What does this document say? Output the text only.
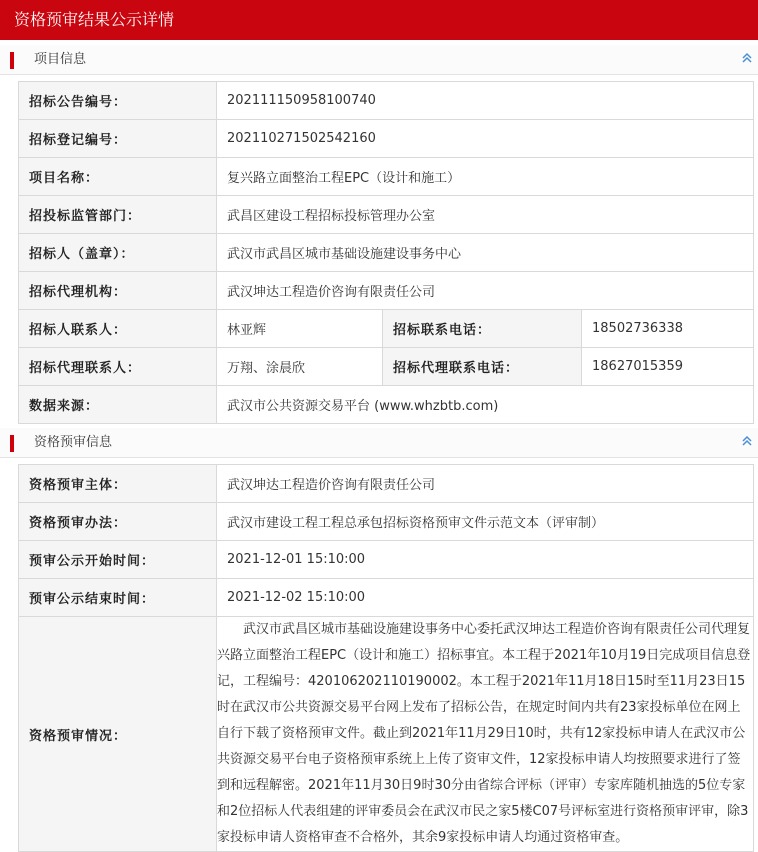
资格预审结果公示详情
项目信息
招标公告编号：	202111150958100740		
招标登记编号：	202110271502542160		
项目名称：	复兴路立面整治工程EPC（设计和施工）		
招投标监管部门：	武昌区建设工程招标投标管理办公室		
招标人（盖章）：	武汉市武昌区城市基础设施建设事务中心		
招标代理机构：	武汉坤达工程造价咨询有限责任公司		
招标人联系人：	林亚辉	招标联系电话：	18502736338
招标代理联系人：	万翔、涂晨欣	招标代理联系电话：	18627015359
数据来源：	武汉市公共资源交易平台 (www.whzbtb.com)		
资格预审信息
资格预审主体：	武汉坤达工程造价咨询有限责任公司
资格预审办法：	武汉市建设工程工程总承包招标资格预审文件示范文本（评审制）
预审公示开始时间：	2021-12-01 15:10:00
预审公示结束时间：	2021-12-02 15:10:00
资格预审情况：	武汉市武昌区城市基础设施建设事务中心委托武汉坤达工程造价咨询有限责任公司代理复兴路立面整治工程EPC（设计和施工）招标事宜。本工程于2021年10月19日完成项目信息登记，工程编号：420106202110190002。本工程于2021年11月18日15时至11月23日15时在武汉市公共资源交易平台网上发布了招标公告，在规定时间内共有23家投标单位在网上自行下载了资格预审文件。截止到2021年11月29日10时，共有12家投标申请人在武汉市公共资源交易平台电子资格预审系统上上传了资审文件，12家投标申请人均按照要求进行了签到和远程解密。2021年11月30日9时30分由省综合评标（评审）专家库随机抽选的5位专家和2位招标人代表组建的评审委员会在武汉市民之家5楼C07号评标室进行资格预审评审，除3家投标申请人资格审查不合格外，其余9家投标申请人均通过资格审查。
